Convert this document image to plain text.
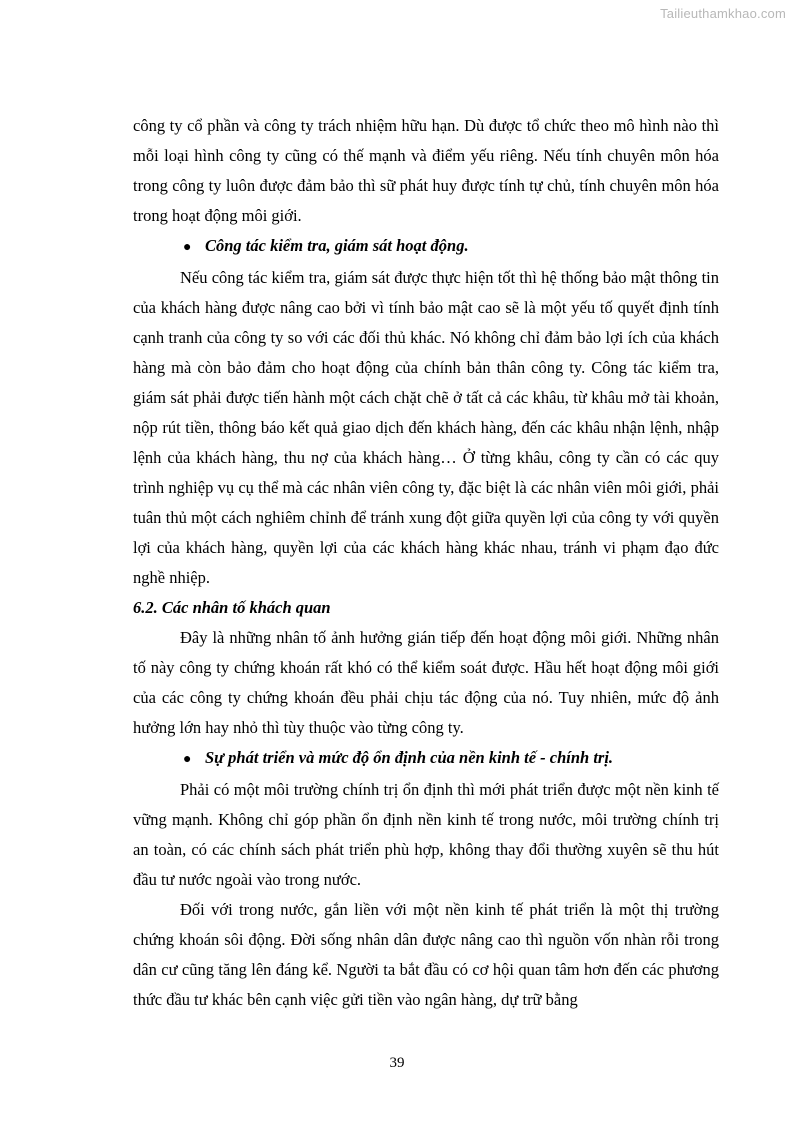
Tailieuthamkhao.com

công ty cổ phần và công ty trách nhiệm hữu hạn. Dù được tổ chức theo mô hình nào thì mỗi loại hình công ty cũng có thế mạnh và điểm yếu riêng. Nếu tính chuyên môn hóa trong công ty luôn được đảm bảo thì sữ phát huy được tính tự chủ, tính chuyên môn hóa trong hoạt động môi giới.

● Công tác kiểm tra, giám sát hoạt động.

Nếu công tác kiểm tra, giám sát được thực hiện tốt thì hệ thống bảo mật thông tin của khách hàng được nâng cao bởi vì tính bảo mật cao sẽ là một yếu tố quyết định tính cạnh tranh của công ty so với các đối thủ khác. Nó không chỉ đảm bảo lợi ích của khách hàng mà còn bảo đảm cho hoạt động của chính bản thân công ty. Công tác kiểm tra, giám sát phải được tiến hành một cách chặt chẽ ở tất cả các khâu, từ khâu mở tài khoản, nộp rút tiền, thông báo kết quả giao dịch đến khách hàng, đến các khâu nhận lệnh, nhập lệnh của khách hàng, thu nợ của khách hàng… Ở từng khâu, công ty cần có các quy trình nghiệp vụ cụ thể mà các nhân viên công ty, đặc biệt là các nhân viên môi giới, phải tuân thủ một cách nghiêm chỉnh để tránh xung đột giữa quyền lợi của công ty với quyền lợi của khách hàng, quyền lợi của các khách hàng khác nhau, tránh vi phạm đạo đức nghề nhiệp.

6.2. Các nhân tố khách quan

Đây là những nhân tố ảnh hưởng gián tiếp đến hoạt động môi giới. Những nhân tố này công ty chứng khoán rất khó có thể kiểm soát được. Hầu hết hoạt động môi giới của các công ty chứng khoán đều phải chịu tác động của nó. Tuy nhiên, mức độ ảnh hưởng lớn hay nhỏ thì tùy thuộc vào từng công ty.

● Sự phát triển và mức độ ổn định của nền kinh tế - chính trị.

Phải có một môi trường chính trị ổn định thì mới phát triển được một nền kinh tế vững mạnh. Không chỉ góp phần ổn định nền kinh tế trong nước, môi trường chính trị an toàn, có các chính sách phát triển phù hợp, không thay đổi thường xuyên sẽ thu hút đầu tư nước ngoài vào trong nước.

Đối với trong nước, gắn liền với một nền kinh tế phát triển là một thị trường chứng khoán sôi động. Đời sống nhân dân được nâng cao thì nguồn vốn nhàn rỗi trong dân cư cũng tăng lên đáng kể. Người ta bắt đầu có cơ hội quan tâm hơn đến các phương thức đầu tư khác bên cạnh việc gửi tiền vào ngân hàng, dự trữ bằng

39
